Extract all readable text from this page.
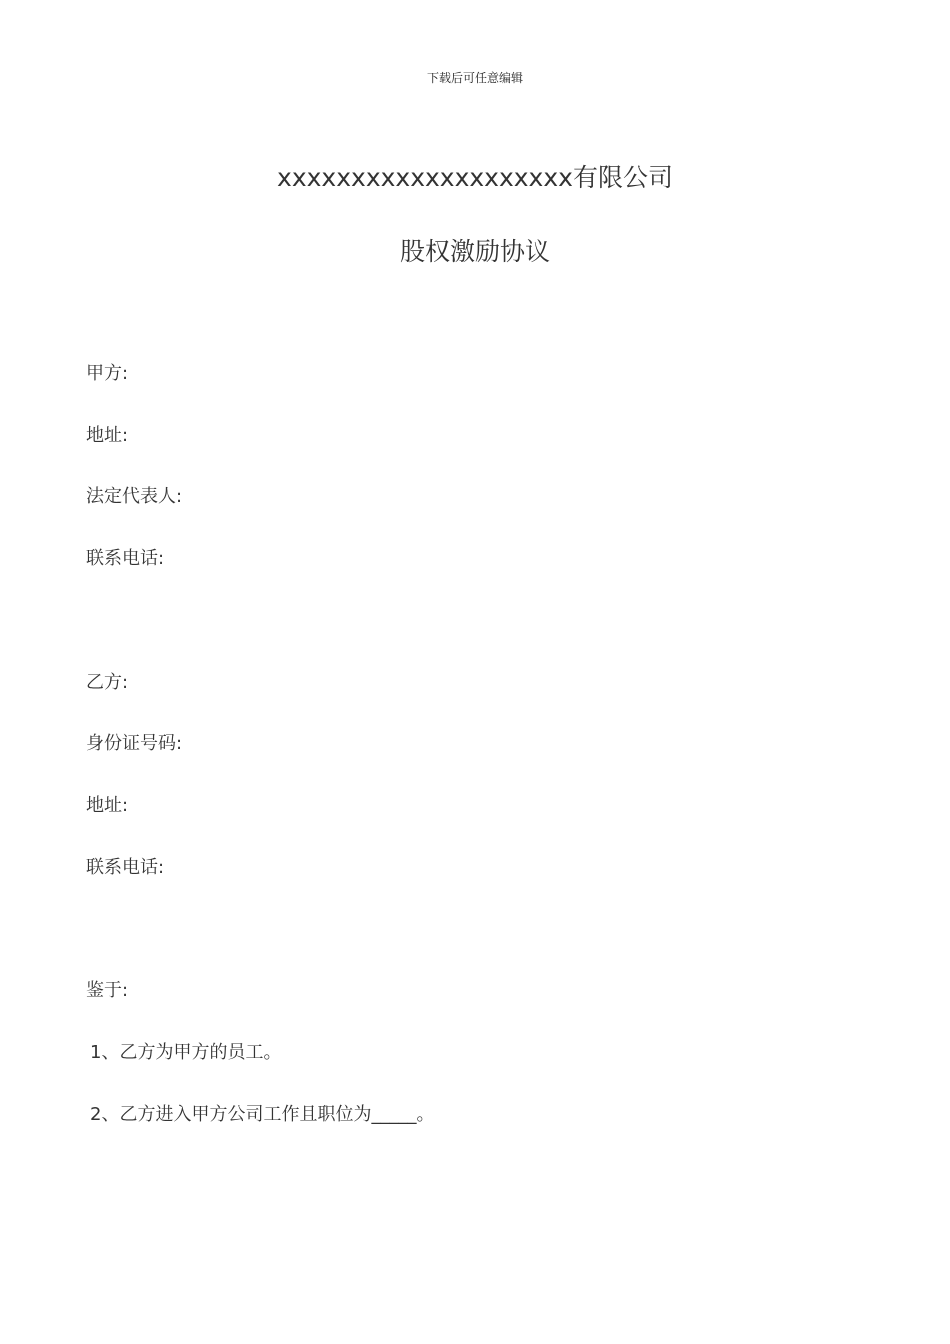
下载后可任意编辑
xxxxxxxxxxxxxxxxxxxx有限公司
股权激励协议
甲方:
地址:
法定代表人:
联系电话:
乙方:
身份证号码:
地址:
联系电话:
鉴于:
1、乙方为甲方的员工。
2、乙方进入甲方公司工作且职位为_____。
